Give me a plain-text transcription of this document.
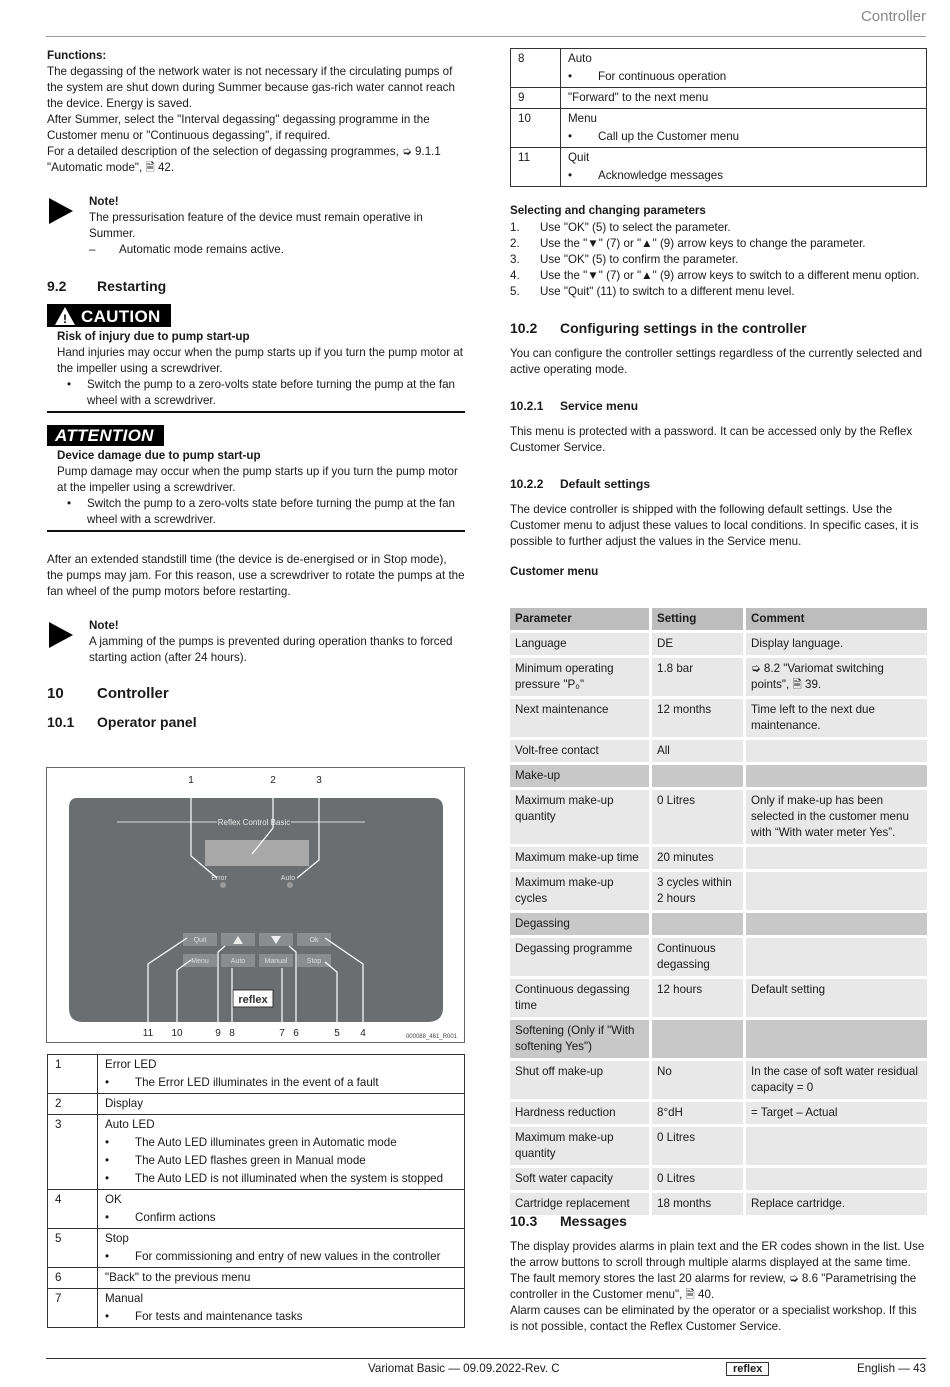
Controller

Functions:

The degassing of the network water is not necessary if the circulating pumps of the system are shut down during Summer because gas-rich water cannot reach the device. Energy is saved.

After Summer, select the "Interval degassing" degassing programme in the Customer menu or "Continuous degassing", if required.

For a detailed description of the selection of degassing programmes, ➭ 9.1.1 "Automatic mode", 🗎 42.

Note!

The pressurisation feature of the device must remain operative in Summer.

– Automatic mode remains active.

9.2 Restarting

! CAUTION

Risk of injury due to pump start-up

Hand injuries may occur when the pump starts up if you turn the pump motor at the impeller using a screwdriver.

• Switch the pump to a zero-volts state before turning the pump at the fan wheel with a screwdriver.

ATTENTION

Device damage due to pump start-up

Pump damage may occur when the pump starts up if you turn the pump motor at the impeller using a screwdriver.

• Switch the pump to a zero-volts state before turning the pump at the fan wheel with a screwdriver.

After an extended standstill time (the device is de-energised or in Stop mode), the pumps may jam. For this reason, use a screwdriver to rotate the pumps at the fan wheel of the pump motors before restarting.

Note!

A jamming of the pumps is prevented during operation thanks to forced starting action (after 24 hours).

10 Controller

10.1 Operator panel

Reflex Control Basic
Error	Auto
Quit	Ok
Menu	Auto	Manual	Stop
reflex
1	2	3
11 10	9 8	7 6	5 4	000088_461_R001
1	Error LED
• The Error LED illuminates in the event of a fault

2	Display

3	Auto LED
• The Auto LED illuminates green in Automatic mode
• The Auto LED flashes green in Manual mode
• The Auto LED is not illuminated when the system is stopped

4	OK
• Confirm actions

5	Stop
• For commissioning and entry of new values in the controller

6	"Back" to the previous menu

7	Manual
• For tests and maintenance tasks
8	Auto
• For continuous operation

9	"Forward" to the next menu

10	Menu
• Call up the Customer menu

11	Quit
• Acknowledge messages

Selecting and changing parameters

1. Use "OK" (5) to select the parameter.

2. Use the "▼" (7) or "▲" (9) arrow keys to change the parameter.

3. Use "OK" (5) to confirm the parameter.

4. Use the "▼" (7) or "▲" (9) arrow keys to switch to a different menu option.

5. Use "Quit" (11) to switch to a different menu level.

10.2 Configuring settings in the controller

You can configure the controller settings regardless of the currently selected and active operating mode.

10.2.1 Service menu

This menu is protected with a password. It can be accessed only by the Reflex Customer Service.

10.2.2 Default settings

The device controller is shipped with the following default settings. Use the Customer menu to adjust these values to local conditions. In specific cases, it is possible to further adjust the values in the Service menu.

Customer menu

Parameter	Setting	Comment
Language	DE	Display language.
Minimum operating pressure "P₀"	1.8 bar	➭ 8.2 "Variomat switching points", 🗎 39.
Next maintenance	12 months	Time left to the next due maintenance.
Volt-free contact	All	
Make-up		
Maximum make-up quantity	0 Litres	Only if make-up has been selected in the customer menu with “With water meter Yes”.
Maximum make-up time	20 minutes	
Maximum make-up cycles	3 cycles within 2 hours	
Degassing		
Degassing programme	Continuous degassing	
Continuous degassing time	12 hours	Default setting
Softening (Only if "With softening Yes")		
Shut off make-up	No	In the case of soft water residual capacity = 0
Hardness reduction	8°dH	= Target – Actual
Maximum make-up quantity	0 Litres	
Soft water capacity	0 Litres	
Cartridge replacement	18 months	Replace cartridge.

10.3 Messages

The display provides alarms in plain text and the ER codes shown in the list. Use the arrow buttons to scroll through multiple alarms displayed at the same time.

The fault memory stores the last 20 alarms for review, ➭ 8.6 "Parametrising the controller in the Customer menu", 🗎 40.

Alarm causes can be eliminated by the operator or a specialist workshop. If this is not possible, contact the Reflex Customer Service.

Variomat Basic — 09.09.2022-Rev. C	reflex	English — 43
